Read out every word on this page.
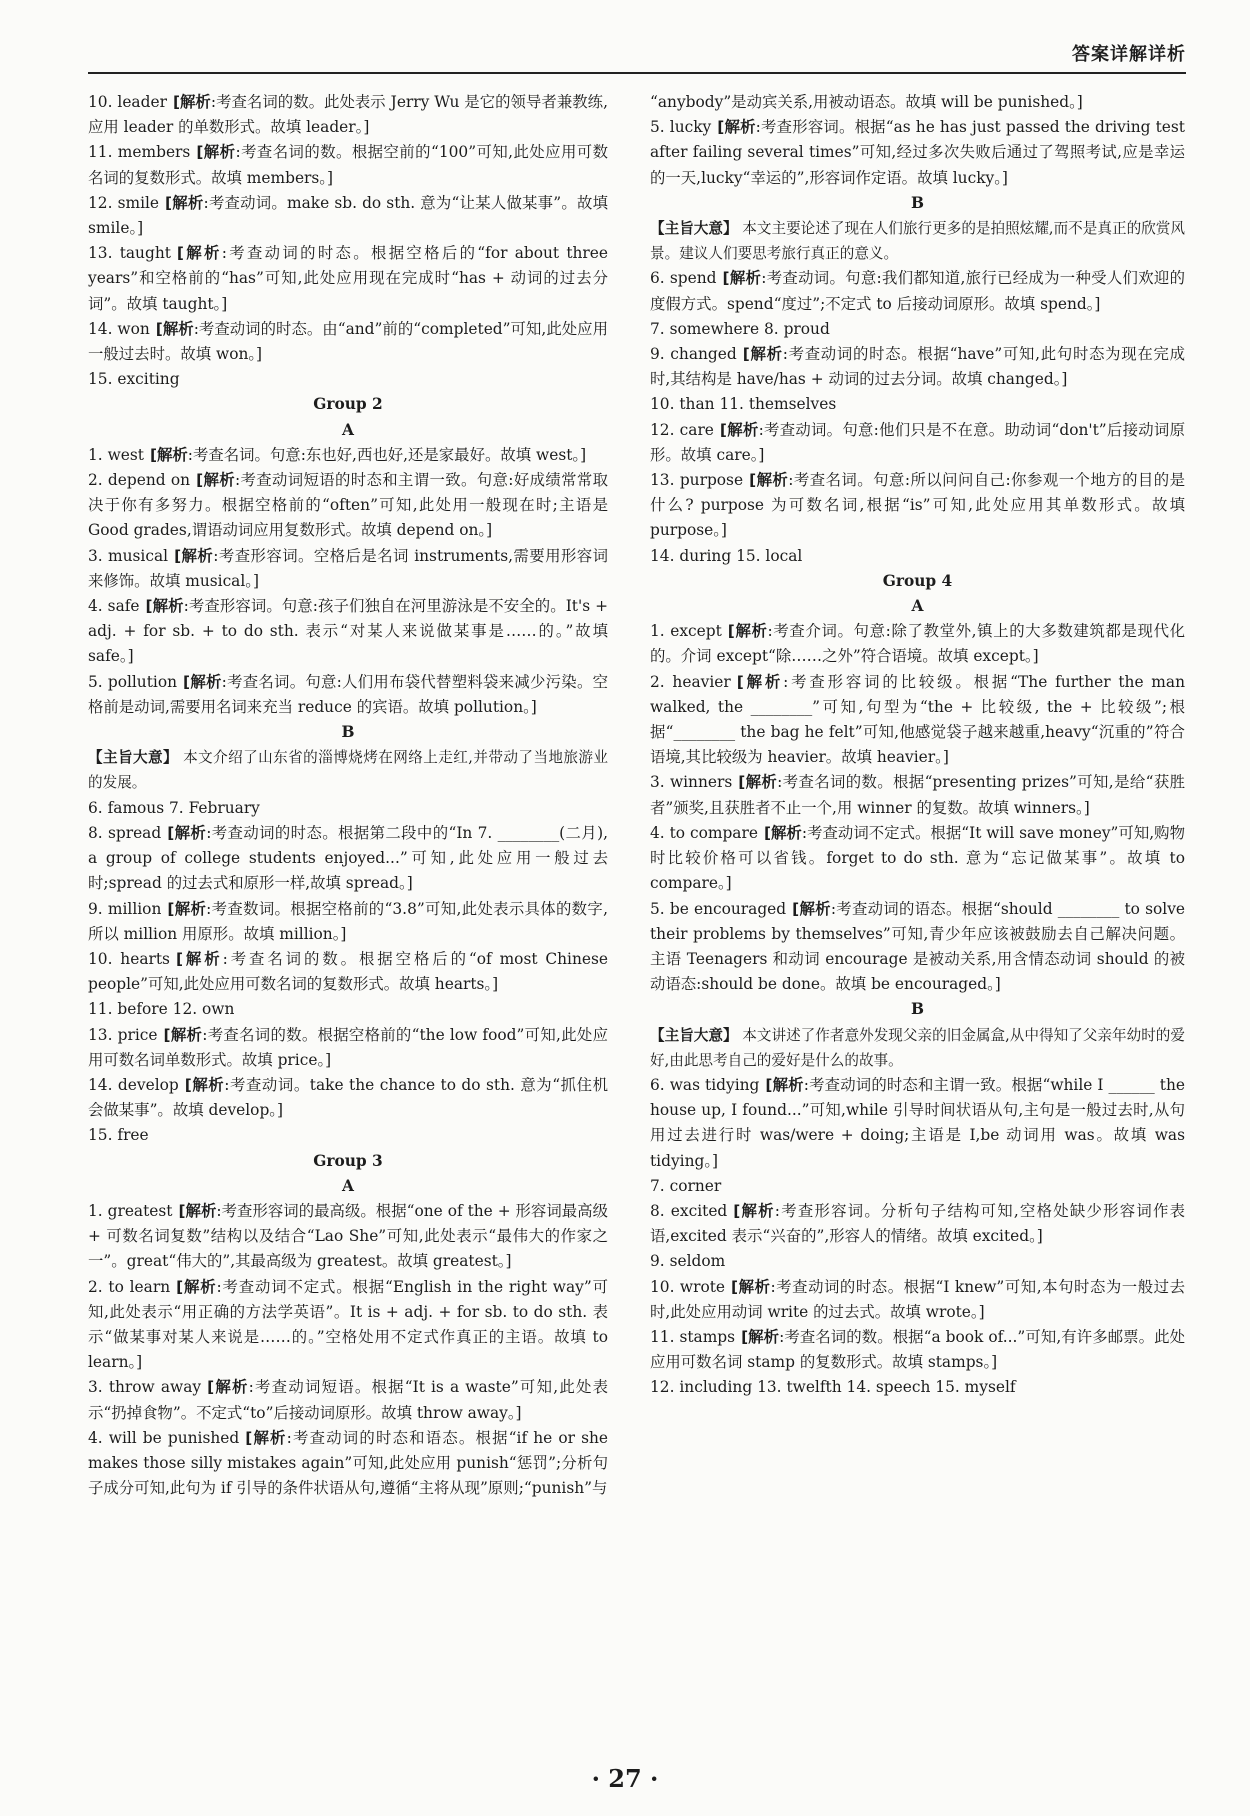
答案详解详析

10. leader [解析:考查名词的数。此处表示 Jerry Wu 是它的领导者兼教练,应用 leader 的单数形式。故填 leader。]

11. members [解析:考查名词的数。根据空前的“100”可知,此处应用可数名词的复数形式。故填 members。]

12. smile [解析:考查动词。make sb. do sth. 意为“让某人做某事”。故填 smile。]

13. taught [解析:考查动词的时态。根据空格后的“for about three years”和空格前的“has”可知,此处应用现在完成时“has + 动词的过去分词”。故填 taught。]

14. won [解析:考查动词的时态。由“and”前的“completed”可知,此处应用一般过去时。故填 won。]

15. exciting

Group 2
A

1. west [解析:考查名词。句意:东也好,西也好,还是家最好。故填 west。]

2. depend on [解析:考查动词短语的时态和主谓一致。句意:好成绩常常取决于你有多努力。根据空格前的“often”可知,此处用一般现在时;主语是 Good grades,谓语动词应用复数形式。故填 depend on。]

3. musical [解析:考查形容词。空格后是名词 instruments,需要用形容词来修饰。故填 musical。]

4. safe [解析:考查形容词。句意:孩子们独自在河里游泳是不安全的。It's + adj. + for sb. + to do sth. 表示“对某人来说做某事是……的。”故填 safe。]

5. pollution [解析:考查名词。句意:人们用布袋代替塑料袋来减少污染。空格前是动词,需要用名词来充当 reduce 的宾语。故填 pollution。]

B

【主旨大意】 本文介绍了山东省的淄博烧烤在网络上走红,并带动了当地旅游业的发展。

6. famous 7. February

8. spread [解析:考查动词的时态。根据第二段中的“In 7. ________(二月), a group of college students enjoyed...”可知,此处应用一般过去时;spread 的过去式和原形一样,故填 spread。]

9. million [解析:考查数词。根据空格前的“3.8”可知,此处表示具体的数字,所以 million 用原形。故填 million。]

10. hearts [解析:考查名词的数。根据空格后的“of most Chinese people”可知,此处应用可数名词的复数形式。故填 hearts。]

11. before 12. own

13. price [解析:考查名词的数。根据空格前的“the low food”可知,此处应用可数名词单数形式。故填 price。]

14. develop [解析:考查动词。take the chance to do sth. 意为“抓住机会做某事”。故填 develop。]

15. free

Group 3
A

1. greatest [解析:考查形容词的最高级。根据“one of the + 形容词最高级 + 可数名词复数”结构以及结合“Lao She”可知,此处表示“最伟大的作家之一”。great“伟大的”,其最高级为 greatest。故填 greatest。]

2. to learn [解析:考查动词不定式。根据“English in the right way”可知,此处表示“用正确的方法学英语”。It is + adj. + for sb. to do sth. 表示“做某事对某人来说是……的。”空格处用不定式作真正的主语。故填 to learn。]

3. throw away [解析:考查动词短语。根据“It is a waste”可知,此处表示“扔掉食物”。不定式“to”后接动词原形。故填 throw away。]

4. will be punished [解析:考查动词的时态和语态。根据“if he or she makes those silly mistakes again”可知,此处应用 punish“惩罚”;分析句子成分可知,此句为 if 引导的条件状语从句,遵循“主将从现”原则;“punish”与

“anybody”是动宾关系,用被动语态。故填 will be punished。]

5. lucky [解析:考查形容词。根据“as he has just passed the driving test after failing several times”可知,经过多次失败后通过了驾照考试,应是幸运的一天,lucky“幸运的”,形容词作定语。故填 lucky。]

B

【主旨大意】 本文主要论述了现在人们旅行更多的是拍照炫耀,而不是真正的欣赏风景。建议人们要思考旅行真正的意义。

6. spend [解析:考查动词。句意:我们都知道,旅行已经成为一种受人们欢迎的度假方式。spend“度过”;不定式 to 后接动词原形。故填 spend。]

7. somewhere 8. proud

9. changed [解析:考查动词的时态。根据“have”可知,此句时态为现在完成时,其结构是 have/has + 动词的过去分词。故填 changed。]

10. than 11. themselves

12. care [解析:考查动词。句意:他们只是不在意。助动词“don't”后接动词原形。故填 care。]

13. purpose [解析:考查名词。句意:所以问问自己:你参观一个地方的目的是什么? purpose 为可数名词,根据“is”可知,此处应用其单数形式。故填 purpose。]

14. during 15. local

Group 4
A

1. except [解析:考查介词。句意:除了教堂外,镇上的大多数建筑都是现代化的。介词 except“除……之外”符合语境。故填 except。]

2. heavier [解析:考查形容词的比较级。根据“The further the man walked, the ________”可知,句型为“the + 比较级, the + 比较级”;根据“________ the bag he felt”可知,他感觉袋子越来越重,heavy“沉重的”符合语境,其比较级为 heavier。故填 heavier。]

3. winners [解析:考查名词的数。根据“presenting prizes”可知,是给“获胜者”颁奖,且获胜者不止一个,用 winner 的复数。故填 winners。]

4. to compare [解析:考查动词不定式。根据“It will save money”可知,购物时比较价格可以省钱。forget to do sth. 意为“忘记做某事”。故填 to compare。]

5. be encouraged [解析:考查动词的语态。根据“should ________ to solve their problems by themselves”可知,青少年应该被鼓励去自己解决问题。主语 Teenagers 和动词 encourage 是被动关系,用含情态动词 should 的被动语态:should be done。故填 be encouraged。]

B

【主旨大意】 本文讲述了作者意外发现父亲的旧金属盒,从中得知了父亲年幼时的爱好,由此思考自己的爱好是什么的故事。

6. was tidying [解析:考查动词的时态和主谓一致。根据“while I ______ the house up, I found...”可知,while 引导时间状语从句,主句是一般过去时,从句用过去进行时 was/were + doing;主语是 I,be 动词用 was。故填 was tidying。]

7. corner

8. excited [解析:考查形容词。分析句子结构可知,空格处缺少形容词作表语,excited 表示“兴奋的”,形容人的情绪。故填 excited。]

9. seldom

10. wrote [解析:考查动词的时态。根据“I knew”可知,本句时态为一般过去时,此处应用动词 write 的过去式。故填 wrote。]

11. stamps [解析:考查名词的数。根据“a book of...”可知,有许多邮票。此处应用可数名词 stamp 的复数形式。故填 stamps。]

12. including 13. twelfth 14. speech 15. myself

· 27 ·
